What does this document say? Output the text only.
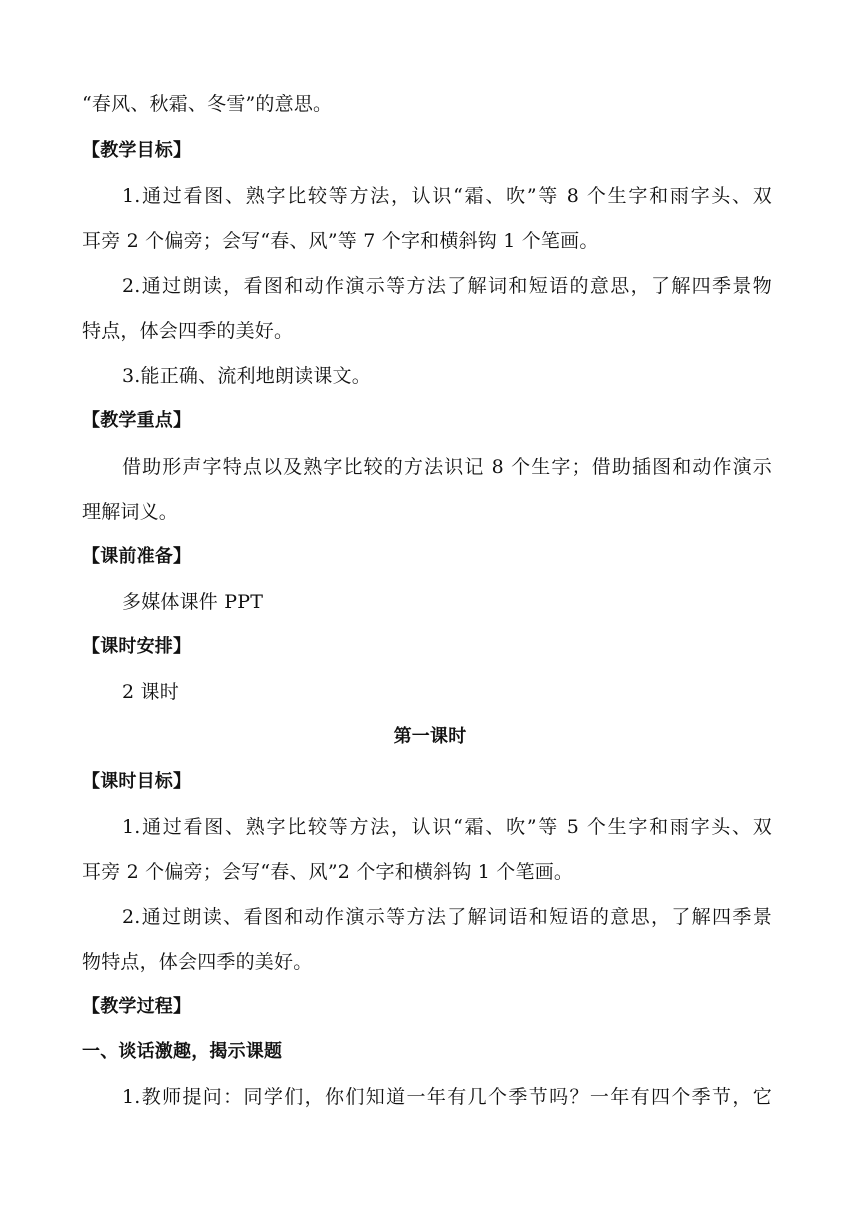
“春风、秋霜、冬雪”的意思。
【教学目标】
1.通过看图、熟字比较等方法，认识“霜、吹”等 8 个生字和雨字头、双
耳旁 2 个偏旁；会写“春、风”等 7 个字和横斜钩 1 个笔画。
2.通过朗读，看图和动作演示等方法了解词和短语的意思，了解四季景物
特点，体会四季的美好。
3.能正确、流利地朗读课文。
【教学重点】
借助形声字特点以及熟字比较的方法识记 8 个生字；借助插图和动作演示
理解词义。
【课前准备】
多媒体课件 PPT
【课时安排】
2 课时
第一课时
【课时目标】
1.通过看图、熟字比较等方法，认识“霜、吹”等 5 个生字和雨字头、双
耳旁 2 个偏旁；会写“春、风”2 个字和横斜钩 1 个笔画。
2.通过朗读、看图和动作演示等方法了解词语和短语的意思，了解四季景
物特点，体会四季的美好。
【教学过程】
一、谈话激趣，揭示课题
1.教师提问：同学们，你们知道一年有几个季节吗？一年有四个季节，它
